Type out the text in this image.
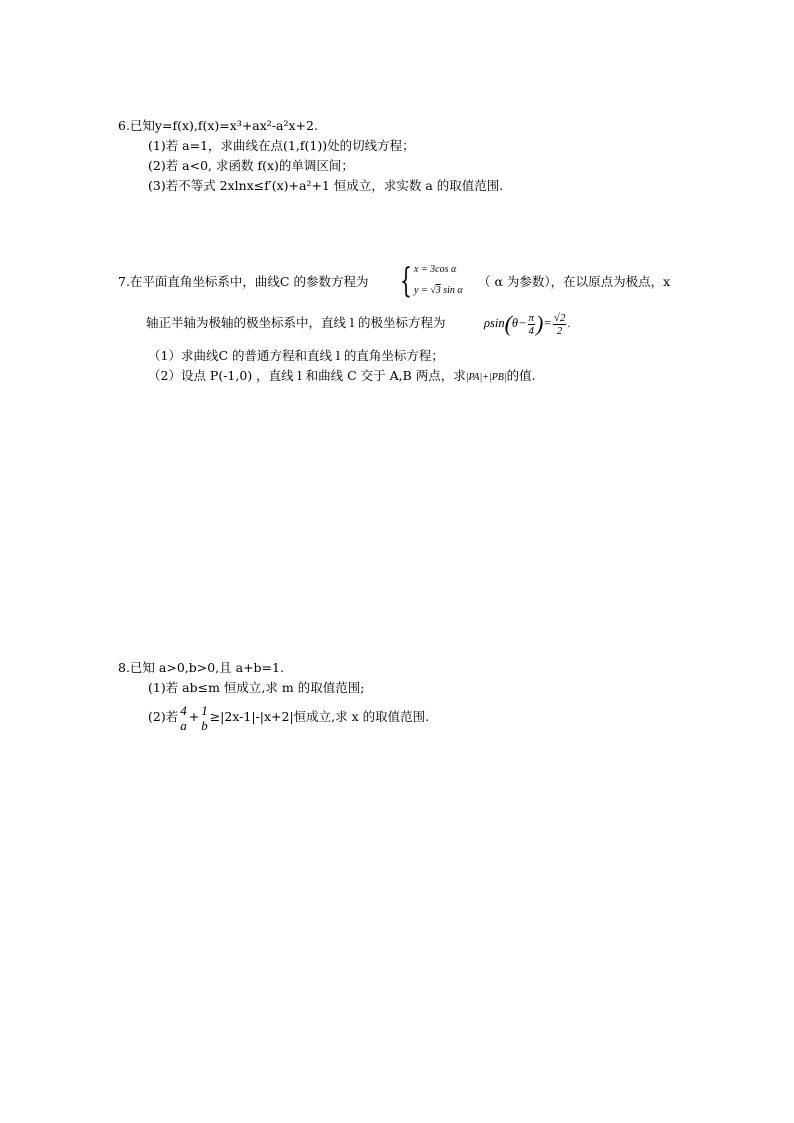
6.已知y=f(x),f(x)=x³+ax²-a²x+2.
(1)若 a=1，求曲线在点(1,f(1))处的切线方程；
(2)若 a<0, 求函数 f(x)的单调区间；
(3)若不等式 2xlnx≤f′(x)+a²+1 恒成立，求实数 a 的取值范围.
7.在平面直角坐标系中，曲线C 的参数方程为 { x = 3cos α
y = √3 sin α
（ α 为参数），在以原点为极点，x
轴正半轴为极轴的极坐标系中，直线 l 的极坐标方程为	$\rho\sin(\theta- \frac{\pi}{4}$ )= $\frac{√2}{2}$ .
（1）求曲线C 的普通方程和直线 l 的直角坐标方程；
（2）设点 P(-1,0) ，直线 l 和曲线 C 交于 A,B 两点，求|PA|+|PB|的值.
8.已知 a>0,b>0,且 a+b=1.
(1)若 ab≤m 恒成立,求 m 的取值范围;
(2)若 4
a
+ 1
b
≥|2x-1|-|x+2|恒成立,求 x 的取值范围.
